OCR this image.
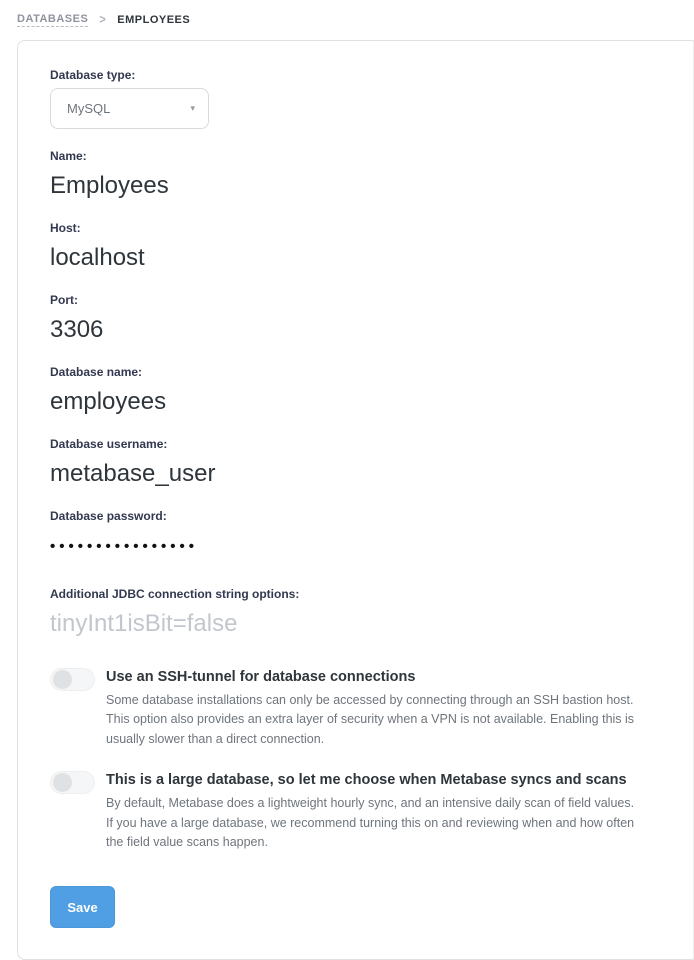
DATABASES > EMPLOYEES
Database type:
MySQL	▾
Name:
Employees
Host:
localhost
Port:
3306
Database name:
employees
Database username:
metabase_user
Database password:
••••••••••••••••
Additional JDBC connection string options:
tinyInt1isBit=false
Use an SSH-tunnel for database connections
Some database installations can only be accessed by connecting through an SSH bastion host. This option also provides an extra layer of security when a VPN is not available. Enabling this is usually slower than a direct connection.
This is a large database, so let me choose when Metabase syncs and scans
By default, Metabase does a lightweight hourly sync, and an intensive daily scan of field values. If you have a large database, we recommend turning this on and reviewing when and how often the field value scans happen.
Save
